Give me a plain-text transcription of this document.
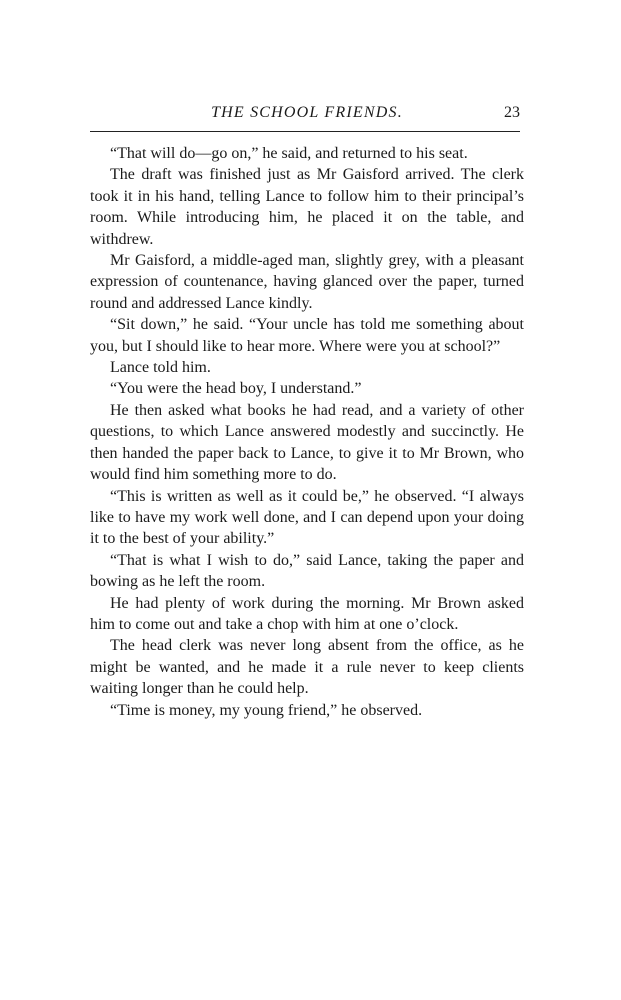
THE SCHOOL FRIENDS.	23

“That will do—go on,” he said, and returned to his seat.

The draft was finished just as Mr Gaisford arrived. The clerk took it in his hand, telling Lance to follow him to their principal’s room. While introducing him, he placed it on the table, and withdrew.

Mr Gaisford, a middle-aged man, slightly grey, with a pleasant expression of countenance, having glanced over the paper, turned round and addressed Lance kindly.

“Sit down,” he said. “Your uncle has told me something about you, but I should like to hear more. Where were you at school?”

Lance told him.

“You were the head boy, I understand.”

He then asked what books he had read, and a variety of other questions, to which Lance answered modestly and succinctly. He then handed the paper back to Lance, to give it to Mr Brown, who would find him something more to do.

“This is written as well as it could be,” he observed. “I always like to have my work well done, and I can depend upon your doing it to the best of your ability.”

“That is what I wish to do,” said Lance, taking the paper and bowing as he left the room.

He had plenty of work during the morning. Mr Brown asked him to come out and take a chop with him at one o’clock.

The head clerk was never long absent from the office, as he might be wanted, and he made it a rule never to keep clients waiting longer than he could help.

“Time is money, my young friend,” he observed.
